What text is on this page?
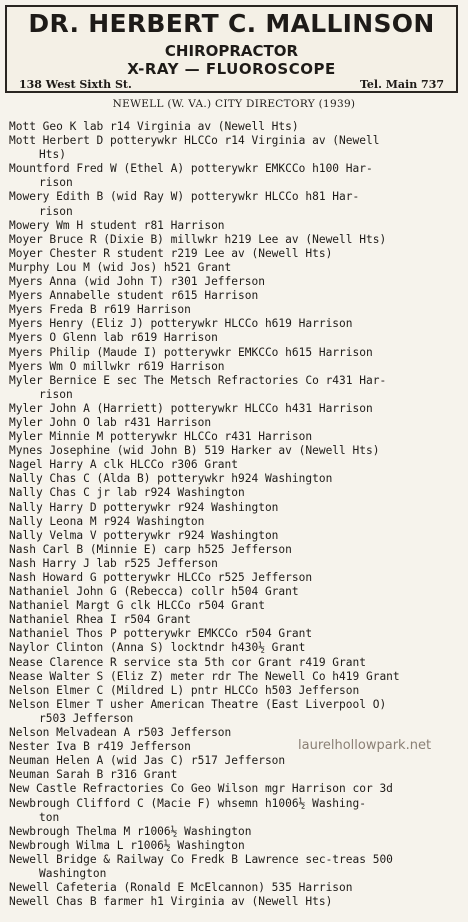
DR. HERBERT C. MALLINSON
CHIROPRACTOR
X-RAY — FLUOROSCOPE
138 West Sixth St.	Tel. Main 737
NEWELL (W. VA.) CITY DIRECTORY (1939)
Mott Geo K lab r14 Virginia av (Newell Hts)
Mott Herbert D potterywkr HLCCo r14 Virginia av (Newell

Hts)
Mountford Fred W (Ethel A) potterywkr EMKCCo h100 Har-

rison
Mowery Edith B (wid Ray W) potterywkr HLCCo h81 Har-

rison
Mowery Wm H student r81 Harrison
Moyer Bruce R (Dixie B) millwkr h219 Lee av (Newell Hts)
Moyer Chester R student r219 Lee av (Newell Hts)
Murphy Lou M (wid Jos) h521 Grant
Myers Anna (wid John T) r301 Jefferson
Myers Annabelle student r615 Harrison
Myers Freda B r619 Harrison
Myers Henry (Eliz J) potterywkr HLCCo h619 Harrison
Myers O Glenn lab r619 Harrison
Myers Philip (Maude I) potterywkr EMKCCo h615 Harrison
Myers Wm O millwkr r619 Harrison
Myler Bernice E sec The Metsch Refractories Co r431 Har-

rison
Myler John A (Harriett) potterywkr HLCCo h431 Harrison
Myler John O lab r431 Harrison
Myler Minnie M potterywkr HLCCo r431 Harrison
Mynes Josephine (wid John B) 519 Harker av (Newell Hts)
Nagel Harry A clk HLCCo r306 Grant
Nally Chas C (Alda B) potterywkr h924 Washington
Nally Chas C jr lab r924 Washington
Nally Harry D potterywkr r924 Washington
Nally Leona M r924 Washington
Nally Velma V potterywkr r924 Washington
Nash Carl B (Minnie E) carp h525 Jefferson
Nash Harry J lab r525 Jefferson
Nash Howard G potterywkr HLCCo r525 Jefferson
Nathaniel John G (Rebecca) collr h504 Grant
Nathaniel Margt G clk HLCCo r504 Grant
Nathaniel Rhea I r504 Grant
Nathaniel Thos P potterywkr EMKCCo r504 Grant
Naylor Clinton (Anna S) locktndr h430½ Grant
Nease Clarence R service sta 5th cor Grant r419 Grant
Nease Walter S (Eliz Z) meter rdr The Newell Co h419 Grant
Nelson Elmer C (Mildred L) pntr HLCCo h503 Jefferson
Nelson Elmer T usher American Theatre (East Liverpool O)

r503 Jefferson
Nelson Melvadean A r503 Jefferson
Nester Iva B r419 Jefferson
Neuman Helen A (wid Jas C) r517 Jefferson
Neuman Sarah B r316 Grant
New Castle Refractories Co Geo Wilson mgr Harrison cor 3d
Newbrough Clifford C (Macie F) whsemn h1006½ Washing-

ton
Newbrough Thelma M r1006½ Washington
Newbrough Wilma L r1006½ Washington
Newell Bridge & Railway Co Fredk B Lawrence sec-treas 500

Washington
Newell Cafeteria (Ronald E McElcannon) 535 Harrison
Newell Chas B farmer h1 Virginia av (Newell Hts)
laurelhollowpark.net
